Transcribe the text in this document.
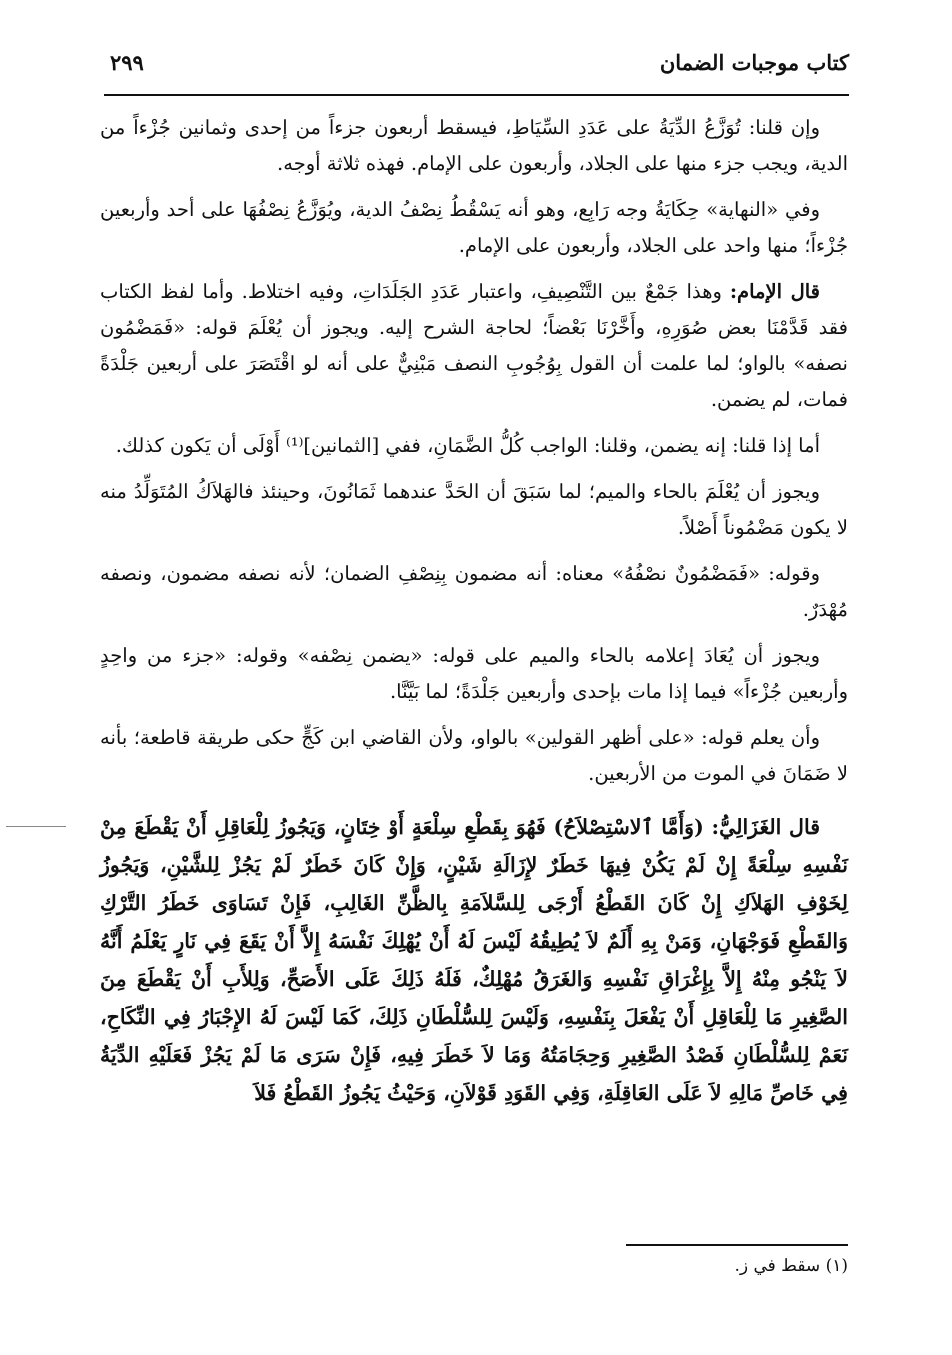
كتاب موجبات الضمان
٢٩٩

وإن قلنا: تُوَزَّعُ الدِّيَةُ على عَدَدِ السِّيَاطِ، فيسقط أربعون جزءاً من إحدى وثمانين جُزْءاً من الدية، ويجب جزء منها على الجلاد، وأربعون على الإمام. فهذه ثلاثة أوجه.

وفي «النهاية» حِكَايَةُ وجه رَابِع، وهو أنه يَسْقُطُ نِصْفُ الدية، ويُوَزَّعُ نِصْفُهَا على أحد وأربعين جُزْءاً؛ منها واحد على الجلاد، وأربعون على الإمام.

قال الإمام: وهذا جَمْعٌ بين التَّنْصِيفِ، واعتبار عَدَدِ الجَلَدَاتِ، وفيه اختلاط. وأما لفظ الكتاب فقد قَدَّمْنَا بعض صُوَرِهِ، وأَخَّرْنَا بَعْضاً؛ لحاجة الشرح إليه. ويجوز أن يُعْلَمَ قوله: «فَمَضْمُون نصفه» بالواو؛ لما علمت أن القول بِوُجُوبِ النصف مَبْنِيٌّ على أنه لو اقْتَصَرَ على أربعين جَلْدَةً فمات، لم يضمن.

أما إذا قلنا: إنه يضمن، وقلنا: الواجب كُلُّ الضَّمَانِ، ففي [الثمانين]⁽¹⁾ أَوْلَى أن يَكون كذلك.

ويجوز أن يُعْلَمَ بالحاء والميم؛ لما سَبَقَ أن الحَدَّ عندهما ثَمَانُونَ، وحينئذ فالهَلاَكُ المُتَوَلِّدُ منه لا يكون مَضْمُوناً أَصْلاً.

وقوله: «فَمَضْمُونٌ نصْفُهُ» معناه: أنه مضمون بِنِصْفِ الضمان؛ لأنه نصفه مضمون، ونصفه مُهْدَرٌ.

ويجوز أن يُعَادَ إعلامه بالحاء والميم على قوله: «يضمن نِصْفه» وقوله: «جزء من واحِدٍ وأربعين جُزْءاً» فيما إذا مات بإحدى وأربعين جَلْدَةً؛ لما بَيَّنَّا.

وأن يعلم قوله: «على أظهر القولين» بالواو، ولأن القاضي ابن كَجٍّ حكى طريقة قاطعة؛ بأنه لا ضَمَانَ في الموت من الأربعين.

قال الغَزَالِيُّ: (وَأَمَّا ٱلاسْتِصْلاَحُ) فَهُوَ بِقَطْعِ سِلْعَةٍ أَوْ خِتَانٍ، وَيَجُوزُ لِلْعَاقِلِ أَنْ يَقْطَعَ مِنْ نَفْسِهِ سِلْعَةً إِنْ لَمْ يَكُنْ فِيهَا خَطَرٌ لإِزَالَةِ شَيْنٍ، وَإِنْ كَانَ خَطَرٌ لَمْ يَجُزْ لِلشَّيْنِ، وَيَجُوزُ لِخَوْفِ الهَلاَكِ إِنْ كَانَ القَطْعُ أَرْجَى لِلسَّلاَمَةِ بِالظَّنِّ الغَالِبِ، فَإِنْ تَسَاوَى خَطَرُ التَّرْكِ وَالقَطْعِ فَوَجْهَانِ، وَمَنْ بِهِ أَلَمٌ لاَ يُطِيقُهُ لَيْسَ لَهُ أَنْ يُهْلِكَ نَفْسَهُ إِلاَّ أَنْ يَقَعَ فِي نَارٍ يَعْلَمُ أَنَّهُ لاَ يَنْجُو مِنْهُ إِلاَّ بِإِغْرَاقِ نَفْسِهِ وَالغَرَقُ مُهْلِكٌ، فَلَهُ ذَلِكَ عَلَى الأَصَحِّ، وَلِلأَبِ أَنْ يَقْطَعَ مِنَ الصَّغِيرِ مَا لِلْعَاقِلِ أَنْ يَفْعَلَ بِنَفْسِهِ، وَلَيْسَ لِلسُّلْطَانِ ذَلِكَ، كَمَا لَيْسَ لَهُ الإِجْبَارُ فِي النِّكَاحِ، نَعَمْ لِلسُّلْطَانِ فَصْدُ الصَّغِيرِ وَحِجَامَتُهُ وَمَا لاَ خَطَرَ فِيهِ، فَإِنْ سَرَى مَا لَمْ يَجُزْ فَعَلَيْهِ الدِّيَةُ فِي خَاصِّ مَالِهِ لاَ عَلَى العَاقِلَةِ، وَفِي القَوَدِ قَوْلاَنِ، وَحَيْثُ يَجُوزُ القَطْعُ فَلاَ

(١) سقط في ز.
